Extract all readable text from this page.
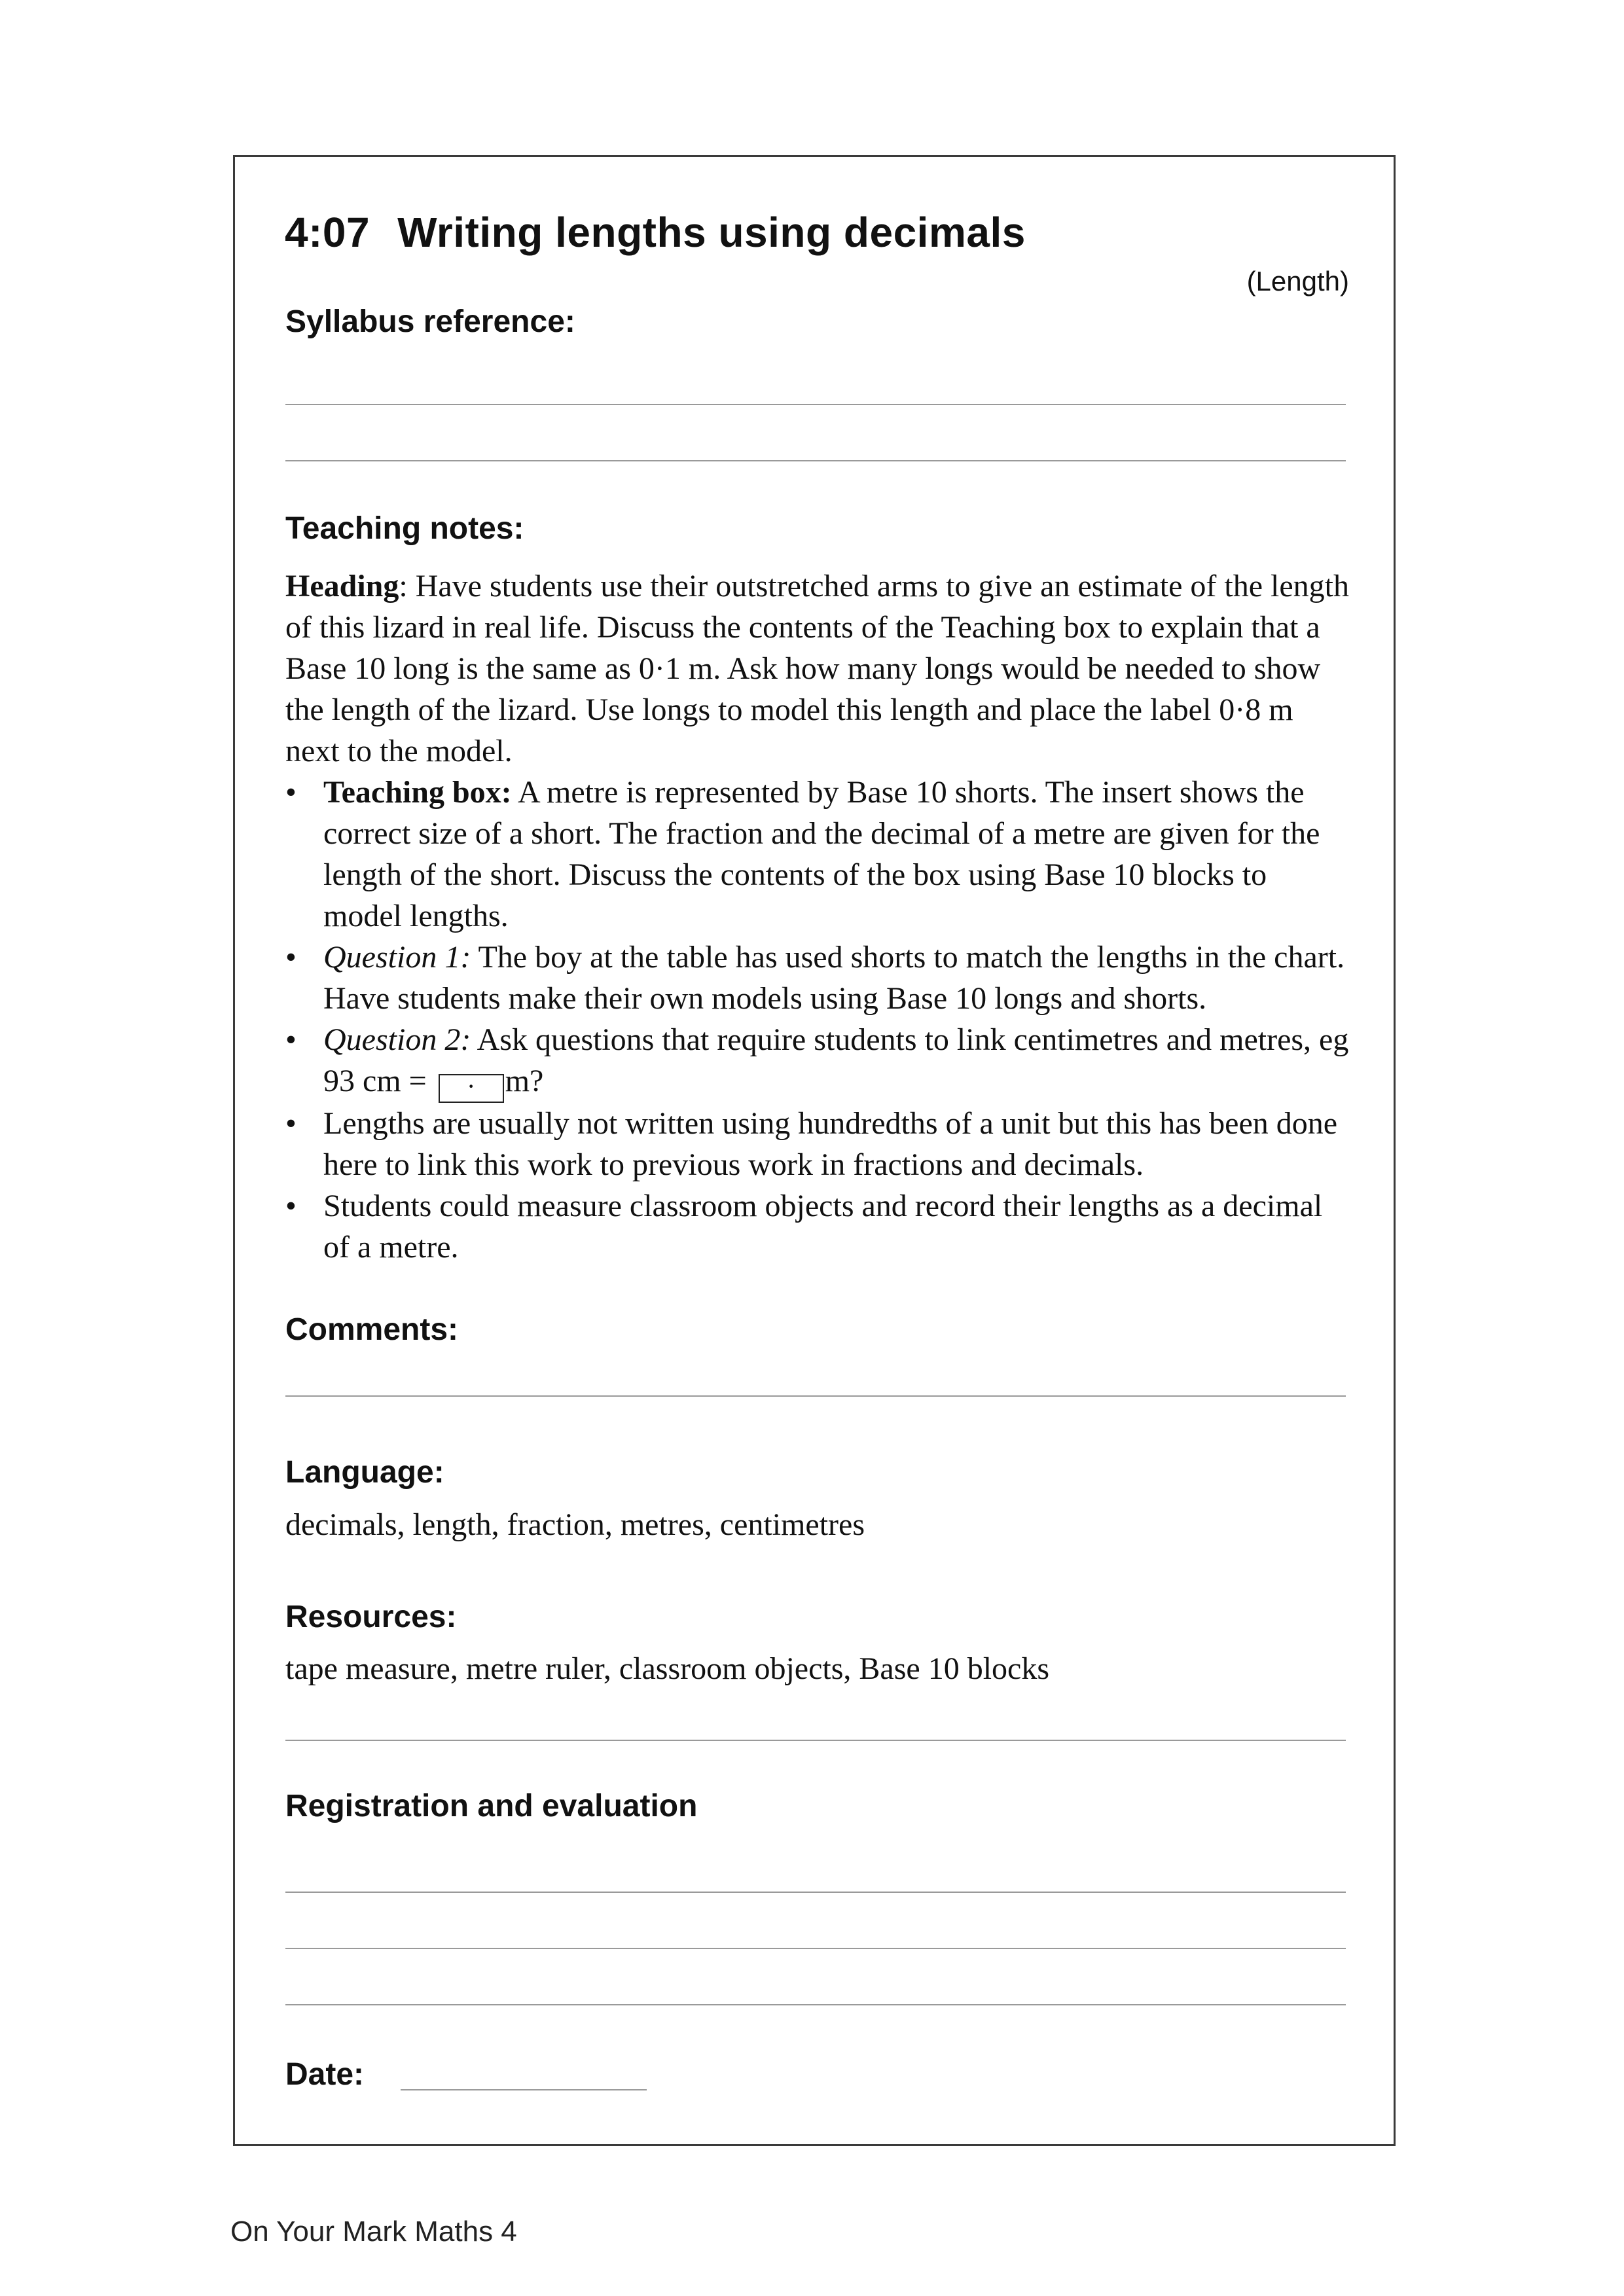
4:07 Writing lengths using decimals
(Length)
Syllabus reference:
Teaching notes:

Heading: Have students use their outstretched arms to give an estimate of the length of this lizard in real life. Discuss the contents of the Teaching box to explain that a Base 10 long is the same as 0·1 m. Ask how many longs would be needed to show the length of the lizard. Use longs to model this length and place the label 0·8 m next to the model.

• Teaching box: A metre is represented by Base 10 shorts. The insert shows the correct size of a short. The fraction and the decimal of a metre are given for the length of the short. Discuss the contents of the box using Base 10 blocks to model lengths.
• Question 1: The boy at the table has used shorts to match the lengths in the chart. Have students make their own models using Base 10 longs and shorts.
• Question 2: Ask questions that require students to link centimetres and metres, eg 93 cm = · m?
• Lengths are usually not written using hundredths of a unit but this has been done here to link this work to previous work in fractions and decimals.
• Students could measure classroom objects and record their lengths as a decimal of a metre.
Comments:
Language:
decimals, length, fraction, metres, centimetres
Resources:
tape measure, metre ruler, classroom objects, Base 10 blocks
Registration and evaluation
Date:
On Your Mark Maths 4
